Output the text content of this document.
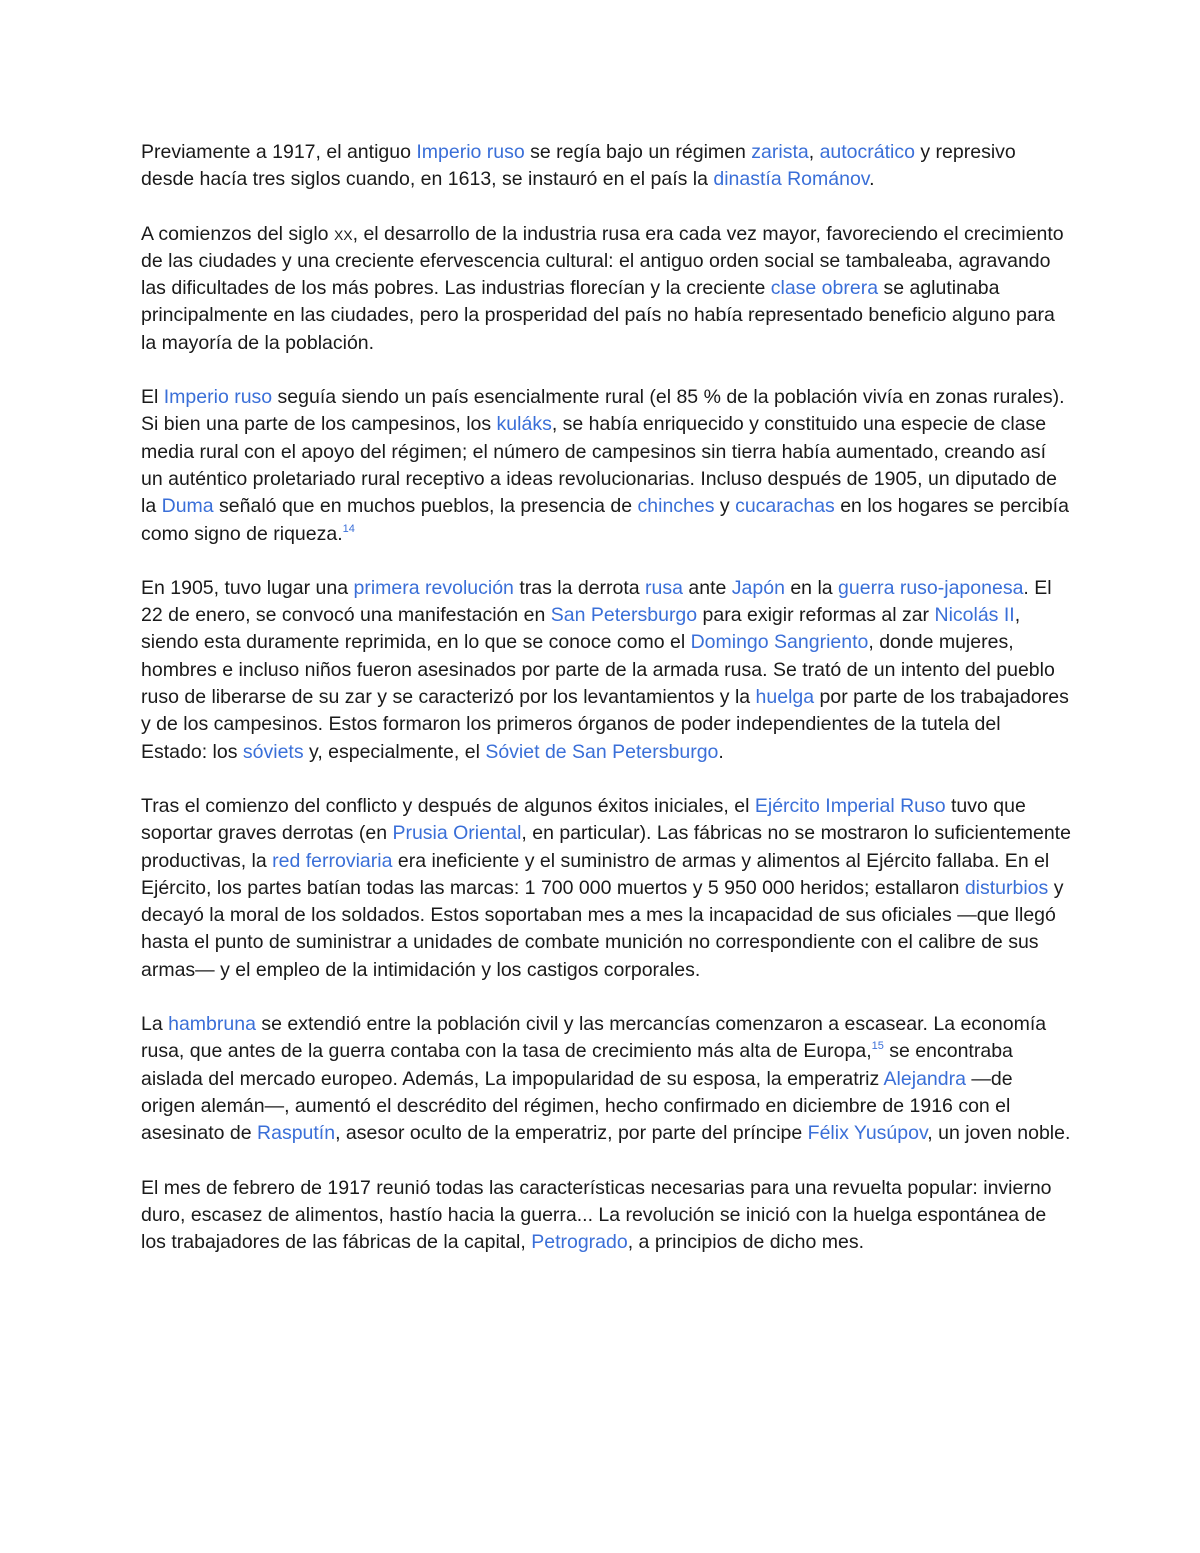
Previamente a 1917, el antiguo Imperio ruso se regía bajo un régimen zarista, autocrático y represivo desde hacía tres siglos cuando, en 1613, se instauró en el país la dinastía Románov.

A comienzos del siglo xx, el desarrollo de la industria rusa era cada vez mayor, favoreciendo el crecimiento de las ciudades y una creciente efervescencia cultural: el antiguo orden social se tambaleaba, agravando las dificultades de los más pobres. Las industrias florecían y la creciente clase obrera se aglutinaba principalmente en las ciudades, pero la prosperidad del país no había representado beneficio alguno para la mayoría de la población.

El Imperio ruso seguía siendo un país esencialmente rural (el 85 % de la población vivía en zonas rurales). Si bien una parte de los campesinos, los kuláks, se había enriquecido y constituido una especie de clase media rural con el apoyo del régimen; el número de campesinos sin tierra había aumentado, creando así un auténtico proletariado rural receptivo a ideas revolucionarias. Incluso después de 1905, un diputado de la Duma señaló que en muchos pueblos, la presencia de chinches y cucarachas en los hogares se percibía como signo de riqueza.$^{14}$

En 1905, tuvo lugar una primera revolución tras la derrota rusa ante Japón en la guerra ruso-japonesa. El 22 de enero, se convocó una manifestación en San Petersburgo para exigir reformas al zar Nicolás II, siendo esta duramente reprimida, en lo que se conoce como el Domingo Sangriento, donde mujeres, hombres e incluso niños fueron asesinados por parte de la armada rusa. Se trató de un intento del pueblo ruso de liberarse de su zar y se caracterizó por los levantamientos y la huelga por parte de los trabajadores y de los campesinos. Estos formaron los primeros órganos de poder independientes de la tutela del Estado: los sóviets y, especialmente, el Sóviet de San Petersburgo.

Tras el comienzo del conflicto y después de algunos éxitos iniciales, el Ejército Imperial Ruso tuvo que soportar graves derrotas (en Prusia Oriental, en particular). Las fábricas no se mostraron lo suficientemente productivas, la red ferroviaria era ineficiente y el suministro de armas y alimentos al Ejército fallaba. En el Ejército, los partes batían todas las marcas: 1 700 000 muertos y 5 950 000 heridos; estallaron disturbios y decayó la moral de los soldados. Estos soportaban mes a mes la incapacidad de sus oficiales —que llegó hasta el punto de suministrar a unidades de combate munición no correspondiente con el calibre de sus armas— y el empleo de la intimidación y los castigos corporales.

La hambruna se extendió entre la población civil y las mercancías comenzaron a escasear. La economía rusa, que antes de la guerra contaba con la tasa de crecimiento más alta de Europa,$^{15}$ se encontraba aislada del mercado europeo. Además, La impopularidad de su esposa, la emperatriz Alejandra —de origen alemán—, aumentó el descrédito del régimen, hecho confirmado en diciembre de 1916 con el asesinato de Rasputín, asesor oculto de la emperatriz, por parte del príncipe Félix Yusúpov, un joven noble.

El mes de febrero de 1917 reunió todas las características necesarias para una revuelta popular: invierno duro, escasez de alimentos, hastío hacia la guerra... La revolución se inició con la huelga espontánea de los trabajadores de las fábricas de la capital, Petrogrado, a principios de dicho mes.
